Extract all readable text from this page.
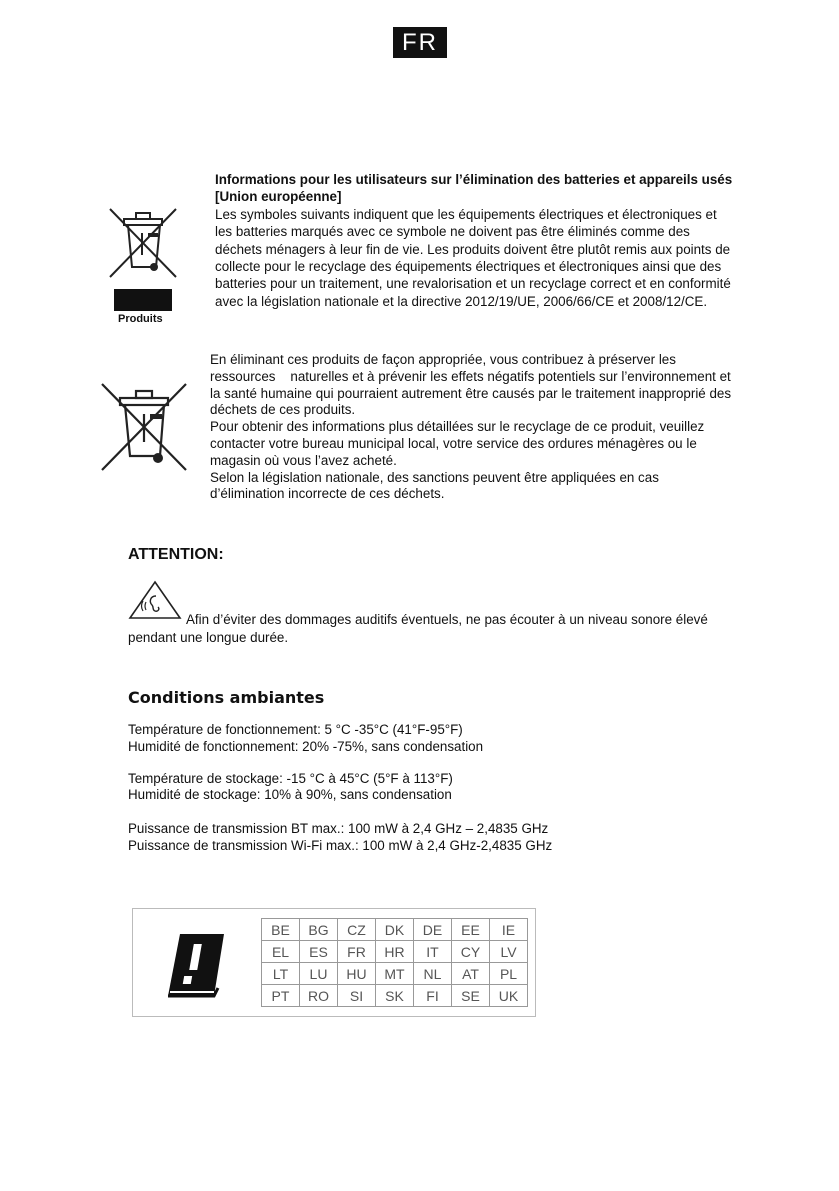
FR
Produits
Informations pour les utilisateurs sur l’élimination des batteries et appareils usés
[Union européenne]
Les symboles suivants indiquent que les équipements électriques et électroniques et
les batteries marqués avec ce symbole ne doivent pas être éliminés comme des
déchets ménagers à leur fin de vie. Les produits doivent être plutôt remis aux points de
collecte pour le recyclage des équipements électriques et électroniques ainsi que des
batteries pour un traitement, une revalorisation et un recyclage correct et en conformité
avec la législation nationale et la directive 2012/19/UE, 2006/66/CE et 2008/12/CE.
En éliminant ces produits de façon appropriée, vous contribuez à préserver les
ressources    naturelles et à prévenir les effets négatifs potentiels sur l’environnement et
la santé humaine qui pourraient autrement être causés par le traitement inapproprié des
déchets de ces produits.
Pour obtenir des informations plus détaillées sur le recyclage de ce produit, veuillez
contacter votre bureau municipal local, votre service des ordures ménagères ou le
magasin où vous l’avez acheté.
Selon la législation nationale, des sanctions peuvent être appliquées en cas
d’élimination incorrecte de ces déchets.
ATTENTION:
Afin d’éviter des dommages auditifs éventuels, ne pas écouter à un niveau sonore élevé
pendant une longue durée.
Conditions ambiantes
Température de fonctionnement: 5 °C -35°C (41°F-95°F)
Humidité de fonctionnement: 20% -75%, sans condensation
Température de stockage: -15 °C à 45°C (5°F à 113°F)
Humidité de stockage: 10% à 90%, sans condensation
Puissance de transmission BT max.: 100 mW à 2,4 GHz – 2,4835 GHz
Puissance de transmission Wi-Fi max.: 100 mW à 2,4 GHz-2,4835 GHz
BE	BG	CZ	DK	DE	EE	IE
EL	ES	FR	HR	IT	CY	LV
LT	LU	HU	MT	NL	AT	PL
PT	RO	SI	SK	FI	SE	UK
